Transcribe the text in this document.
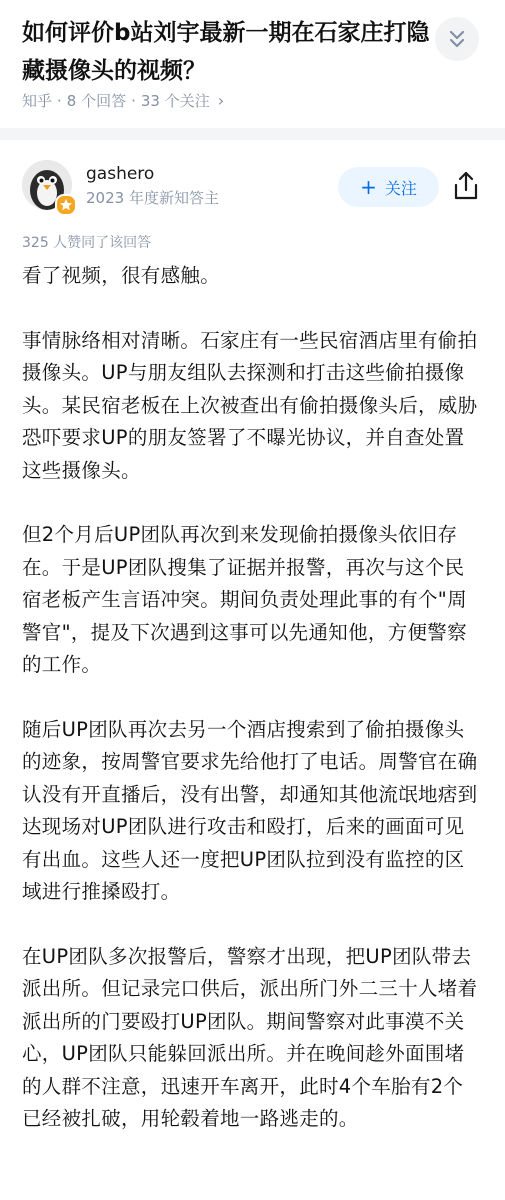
如何评价b站刘宇最新一期在石家庄打隐藏摄像头的视频？
知乎 · 8 个回答 · 33 个关注 ›
gashero
2023 年度新知答主	+ 关注
325 人赞同了该回答

看了视频，很有感触。

事情脉络相对清晰。石家庄有一些民宿酒店里有偷拍摄像头。UP与朋友组队去探测和打击这些偷拍摄像头。某民宿老板在上次被查出有偷拍摄像头后，威胁恐吓要求UP的朋友签署了不曝光协议，并自查处置这些摄像头。

但2个月后UP团队再次到来发现偷拍摄像头依旧存在。于是UP团队搜集了证据并报警，再次与这个民宿老板产生言语冲突。期间负责处理此事的有个"周警官"，提及下次遇到这事可以先通知他，方便警察的工作。

随后UP团队再次去另一个酒店搜索到了偷拍摄像头的迹象，按周警官要求先给他打了电话。周警官在确认没有开直播后，没有出警，却通知其他流氓地痞到达现场对UP团队进行攻击和殴打，后来的画面可见有出血。这些人还一度把UP团队拉到没有监控的区域进行推搡殴打。

在UP团队多次报警后，警察才出现，把UP团队带去派出所。但记录完口供后，派出所门外二三十人堵着派出所的门要殴打UP团队。期间警察对此事漠不关心，UP团队只能躲回派出所。并在晚间趁外面围堵的人群不注意，迅速开车离开，此时4个车胎有2个已经被扎破，用轮毂着地一路逃走的。
